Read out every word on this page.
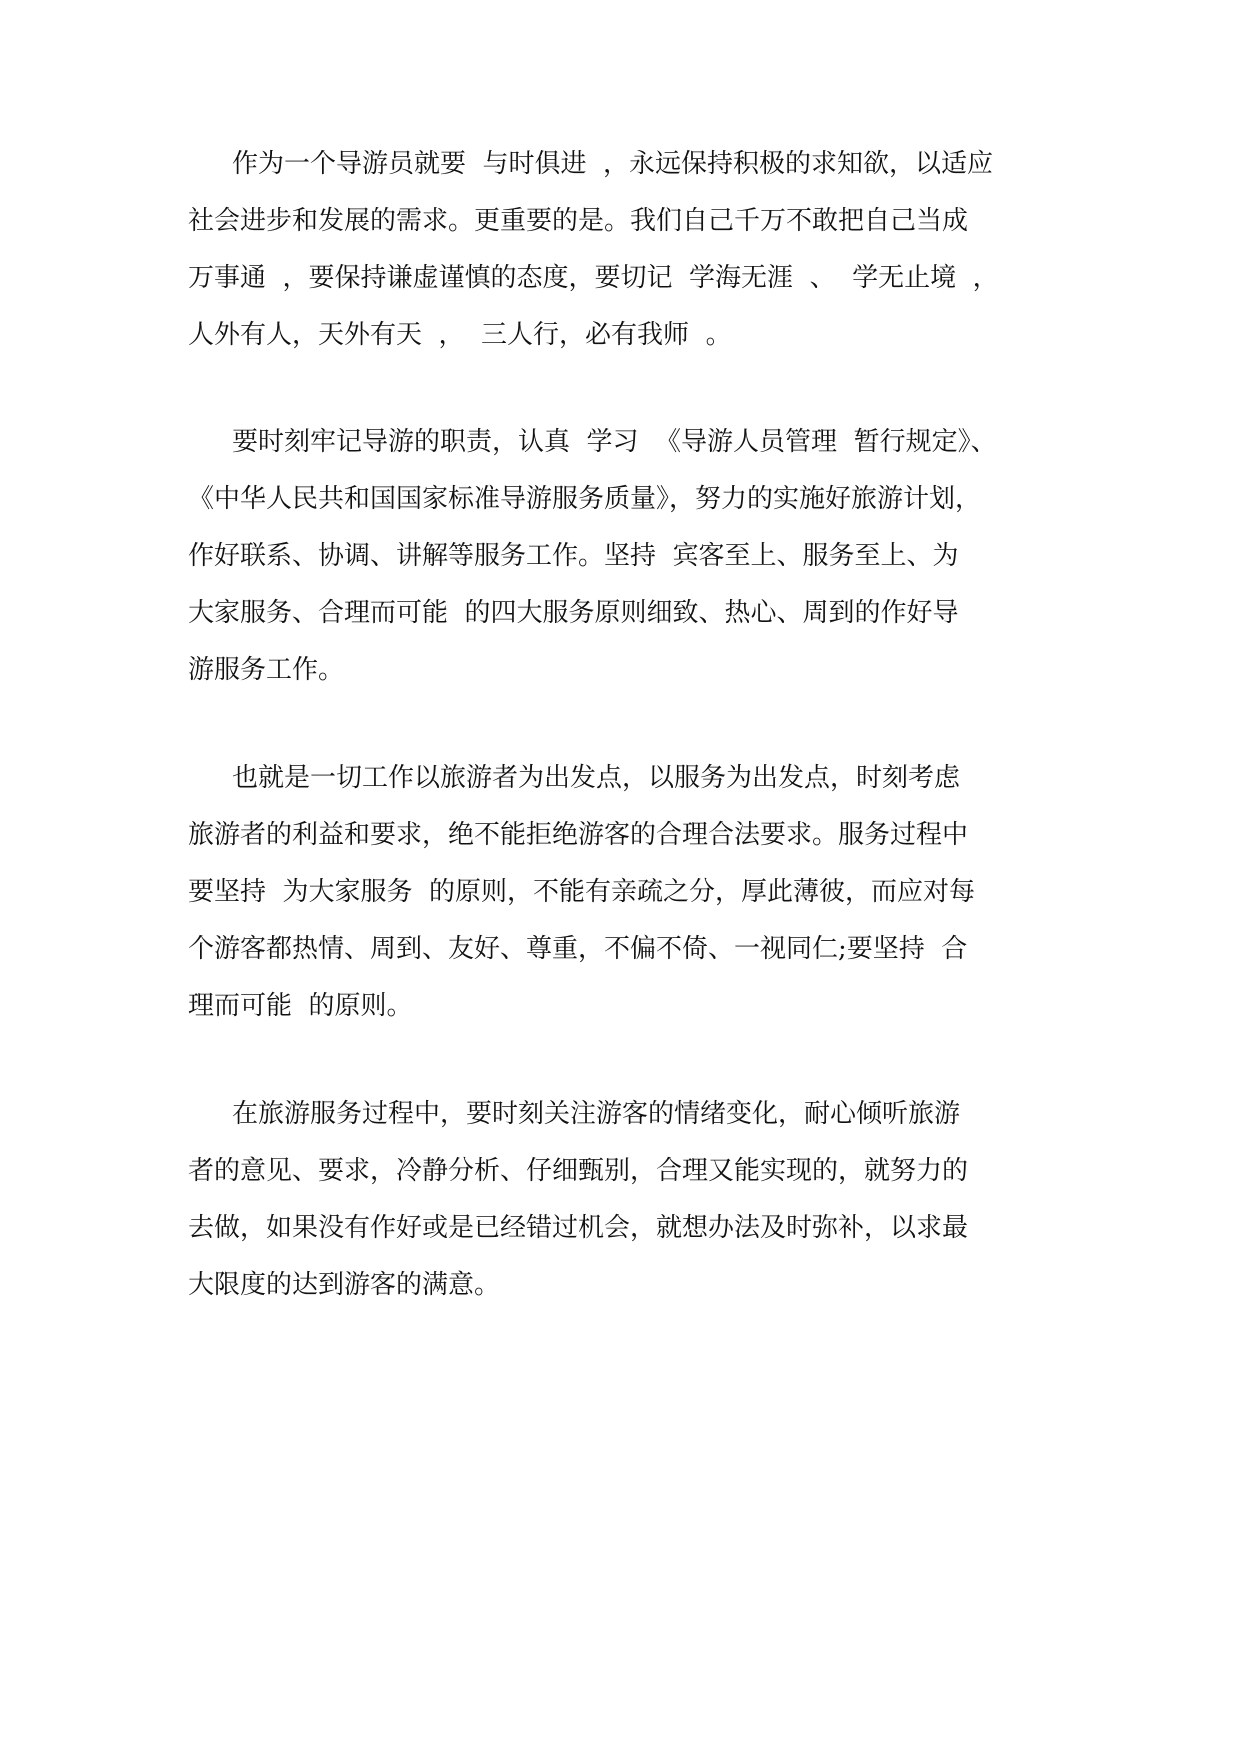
作为一个导游员就要  与时俱进  ，永远保持积极的求知欲，以适应
社会进步和发展的需求。更重要的是。我们自己千万不敢把自己当成
万事通  ，要保持谦虚谨慎的态度，要切记  学海无涯  、  学无止境  ，
人外有人，天外有天  ，  三人行，必有我师  。
要时刻牢记导游的职责，认真  学习  《导游人员管理  暂行规定》、
《中华人民共和国国家标准导游服务质量》，努力的实施好旅游计划，
作好联系、协调、讲解等服务工作。坚持  宾客至上、服务至上、为
大家服务、合理而可能  的四大服务原则细致、热心、周到的作好导
游服务工作。
也就是一切工作以旅游者为出发点，以服务为出发点，时刻考虑
旅游者的利益和要求，绝不能拒绝游客的合理合法要求。服务过程中
要坚持  为大家服务  的原则，不能有亲疏之分，厚此薄彼，而应对每
个游客都热情、周到、友好、尊重，不偏不倚、一视同仁;要坚持  合
理而可能  的原则。
在旅游服务过程中，要时刻关注游客的情绪变化，耐心倾听旅游
者的意见、要求，冷静分析、仔细甄别，合理又能实现的，就努力的
去做，如果没有作好或是已经错过机会，就想办法及时弥补，以求最
大限度的达到游客的满意。
